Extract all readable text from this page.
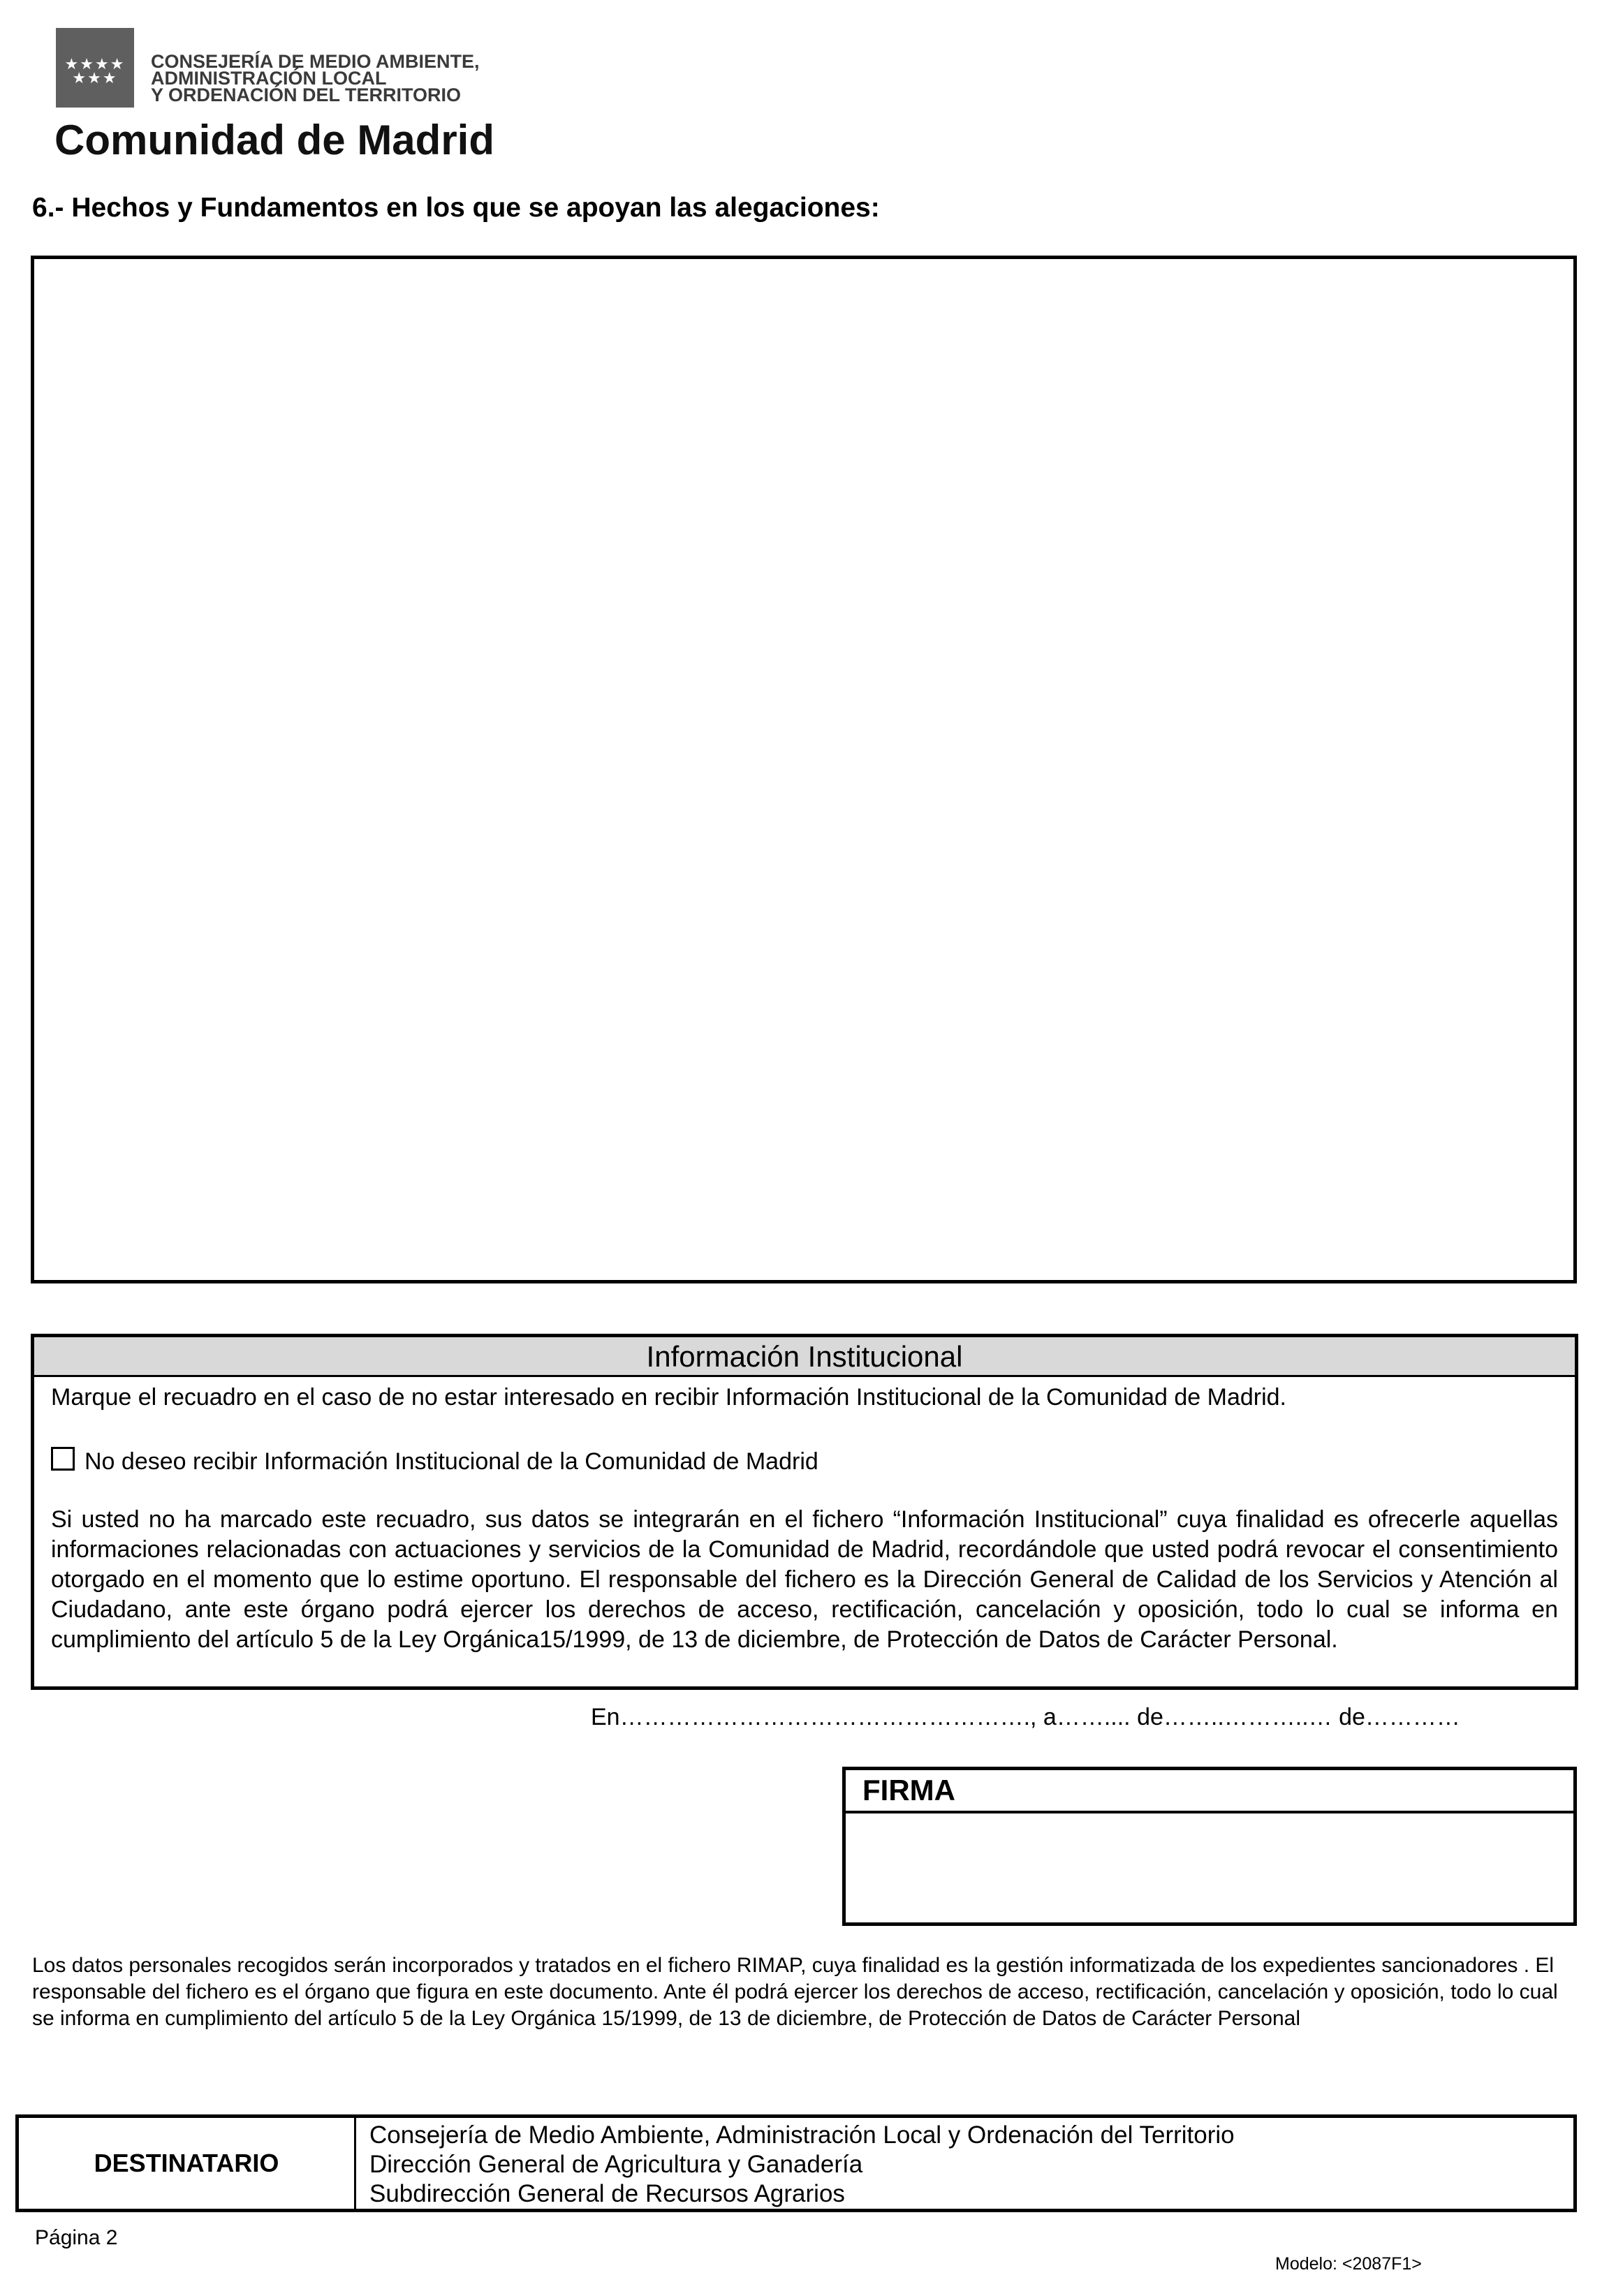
★★★★
★★★
CONSEJERÍA DE MEDIO AMBIENTE,
ADMINISTRACIÓN LOCAL
Y ORDENACIÓN DEL TERRITORIO
Comunidad de Madrid
6.- Hechos y Fundamentos en los que se apoyan las alegaciones:
Información Institucional
Marque el recuadro en el caso de no estar interesado en recibir Información Institucional de la Comunidad de Madrid.
No deseo recibir Información Institucional de la Comunidad de Madrid
Si usted no ha marcado este recuadro, sus datos se integrarán en el fichero “Información Institucional” cuya finalidad es ofrecerle aquellas informaciones relacionadas con actuaciones y servicios de la Comunidad de Madrid, recordándole que usted podrá revocar el consentimiento otorgado en el momento que lo estime oportuno. El responsable del fichero es la Dirección General de Calidad de los Servicios y Atención al Ciudadano, ante este órgano podrá ejercer los derechos de acceso, rectificación, cancelación y oposición, todo lo cual se informa en cumplimiento del artículo 5 de la Ley Orgánica15/1999, de 13 de diciembre, de Protección de Datos de Carácter Personal.
En……………………………………………., a…….... de……..………..… de…………
FIRMA
Los datos personales recogidos serán incorporados y tratados en el fichero RIMAP, cuya finalidad es la gestión informatizada de los expedientes sancionadores . El responsable del fichero es el órgano que figura en este documento. Ante él podrá ejercer los derechos de acceso, rectificación, cancelación y oposición, todo lo cual se informa en cumplimiento del artículo 5 de la Ley Orgánica 15/1999, de 13 de diciembre, de Protección de Datos de Carácter Personal
DESTINATARIO
Consejería de Medio Ambiente, Administración Local y Ordenación del Territorio
Dirección General de Agricultura y Ganadería
Subdirección General de Recursos Agrarios
Página 2
Modelo: <2087F1>
